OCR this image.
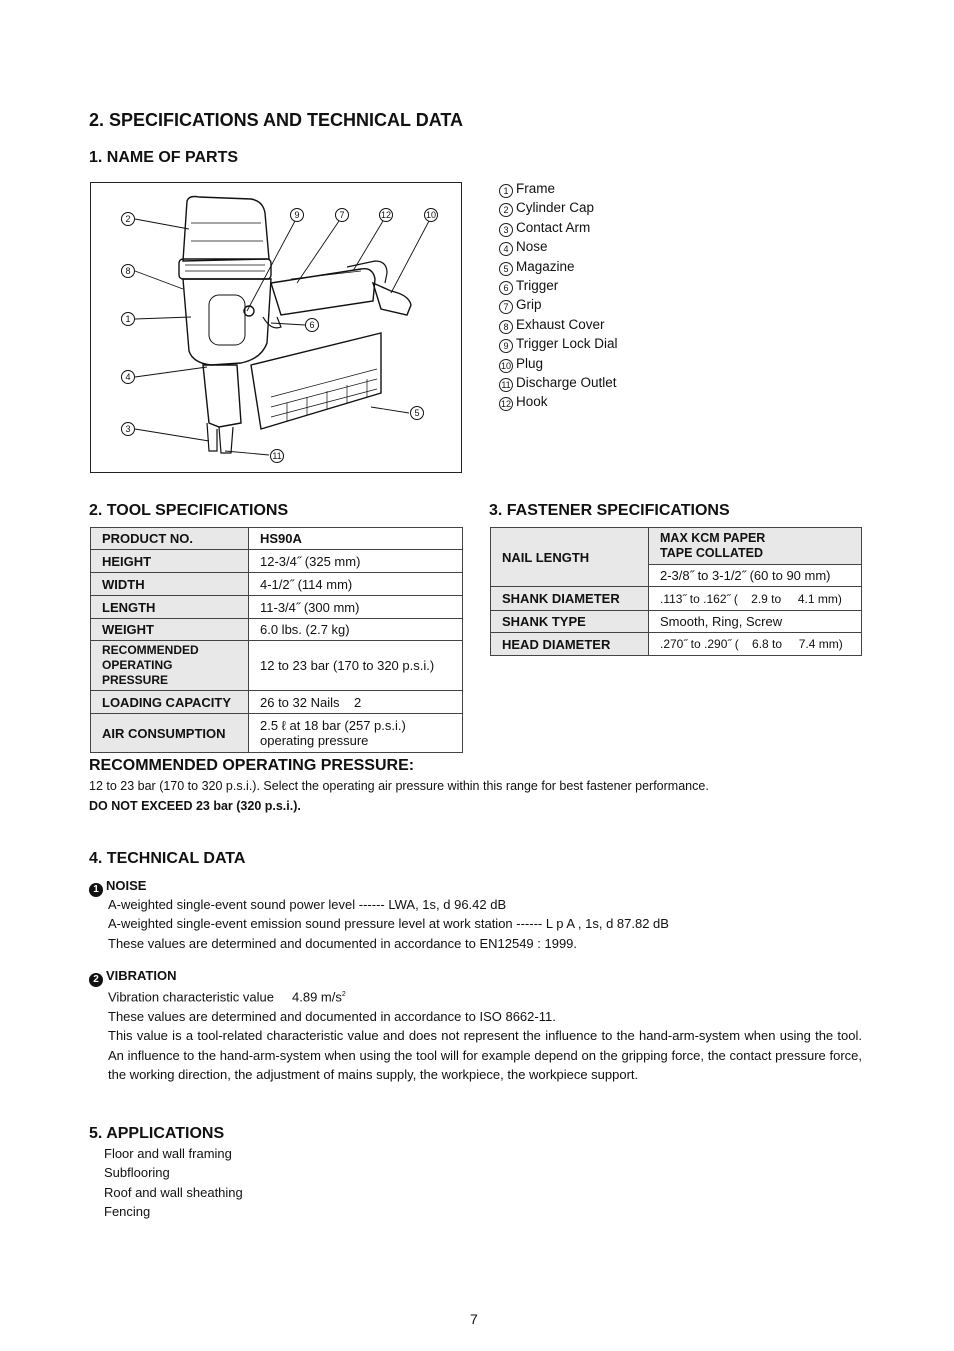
2. SPECIFICATIONS AND TECHNICAL DATA
1. NAME OF PARTS
2
8
1
4
3
9	7	12	10
6
5
11
1 Frame
2 Cylinder Cap
3 Contact Arm
4 Nose
5 Magazine
6 Trigger
7 Grip
8 Exhaust Cover
9 Trigger Lock Dial
10 Plug
11 Discharge Outlet
12 Hook
2. TOOL SPECIFICATIONS
PRODUCT NO.	HS90A
HEIGHT	12-3/4˝ (325 mm)
WIDTH	4-1/2˝ (114 mm)
LENGTH	11-3/4˝ (300 mm)
WEIGHT	6.0 lbs. (2.7 kg)

RECOMMENDED
OPERATING PRESSURE	12 to 23 bar (170 to 320 p.s.i.)
LOADING CAPACITY	26 to 32 Nails    2
AIR CONSUMPTION	2.5 ℓ at 18 bar (257 p.s.i.)
operating pressure
3. FASTENER SPECIFICATIONS
NAIL LENGTH	MAX KCM PAPER
TAPE COLLATED

	2-3/8˝ to 3-1/2˝ (60 to 90 mm)
SHANK DIAMETER	.113˝ to .162˝ (    2.9 to     4.1 mm)
SHANK TYPE	Smooth, Ring, Screw
HEAD DIAMETER	.270˝ to .290˝ (    6.8 to     7.4 mm)
RECOMMENDED OPERATING PRESSURE:
12 to 23 bar (170 to 320 p.s.i.). Select the operating air pressure within this range for best fastener performance.
DO NOT EXCEED 23 bar (320 p.s.i.).
4. TECHNICAL DATA
1 NOISE
A-weighted single-event sound power level ------ LWA, 1s, d 96.42 dB
A-weighted single-event emission sound pressure level at work station ------ L p A , 1s, d 87.82 dB
These values are determined and documented in accordance to EN12549 : 1999.
2 VIBRATION
Vibration characteristic value     4.89 $m/s^2$
These values are determined and documented in accordance to ISO 8662-11.
This value is a tool-related characteristic value and does not represent the influence to the hand-arm-system when using the tool. An influence to the hand-arm-system when using the tool will for example depend on the gripping force, the contact pressure force, the working direction, the adjustment of mains supply, the workpiece, the workpiece support.
5. APPLICATIONS
Floor and wall framing
Subflooring
Roof and wall sheathing
Fencing
7
